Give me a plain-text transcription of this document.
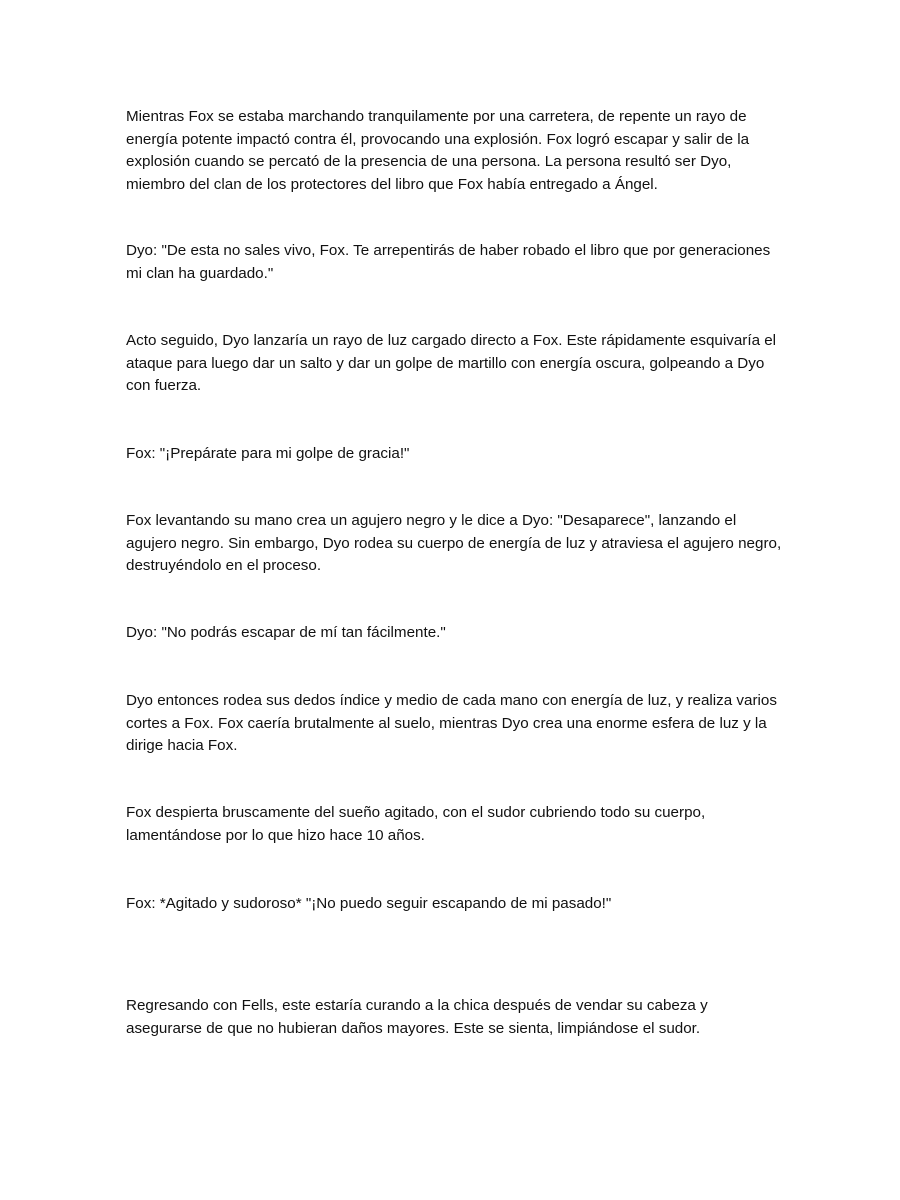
Mientras Fox se estaba marchando tranquilamente por una carretera, de repente un rayo de energía potente impactó contra él, provocando una explosión. Fox logró escapar y salir de la explosión cuando se percató de la presencia de una persona. La persona resultó ser Dyo, miembro del clan de los protectores del libro que Fox había entregado a Ángel.

Dyo: "De esta no sales vivo, Fox. Te arrepentirás de haber robado el libro que por generaciones mi clan ha guardado."

Acto seguido, Dyo lanzaría un rayo de luz cargado directo a Fox. Este rápidamente esquivaría el ataque para luego dar un salto y dar un golpe de martillo con energía oscura, golpeando a Dyo con fuerza.

Fox: "¡Prepárate para mi golpe de gracia!"

Fox levantando su mano crea un agujero negro y le dice a Dyo: "Desaparece", lanzando el agujero negro. Sin embargo, Dyo rodea su cuerpo de energía de luz y atraviesa el agujero negro, destruyéndolo en el proceso.

Dyo: "No podrás escapar de mí tan fácilmente."

Dyo entonces rodea sus dedos índice y medio de cada mano con energía de luz, y realiza varios cortes a Fox. Fox caería brutalmente al suelo, mientras Dyo crea una enorme esfera de luz y la dirige hacia Fox.

Fox despierta bruscamente del sueño agitado, con el sudor cubriendo todo su cuerpo, lamentándose por lo que hizo hace 10 años.

Fox: *Agitado y sudoroso* "¡No puedo seguir escapando de mi pasado!"

Regresando con Fells, este estaría curando a la chica después de vendar su cabeza y asegurarse de que no hubieran daños mayores. Este se sienta, limpiándose el sudor.
